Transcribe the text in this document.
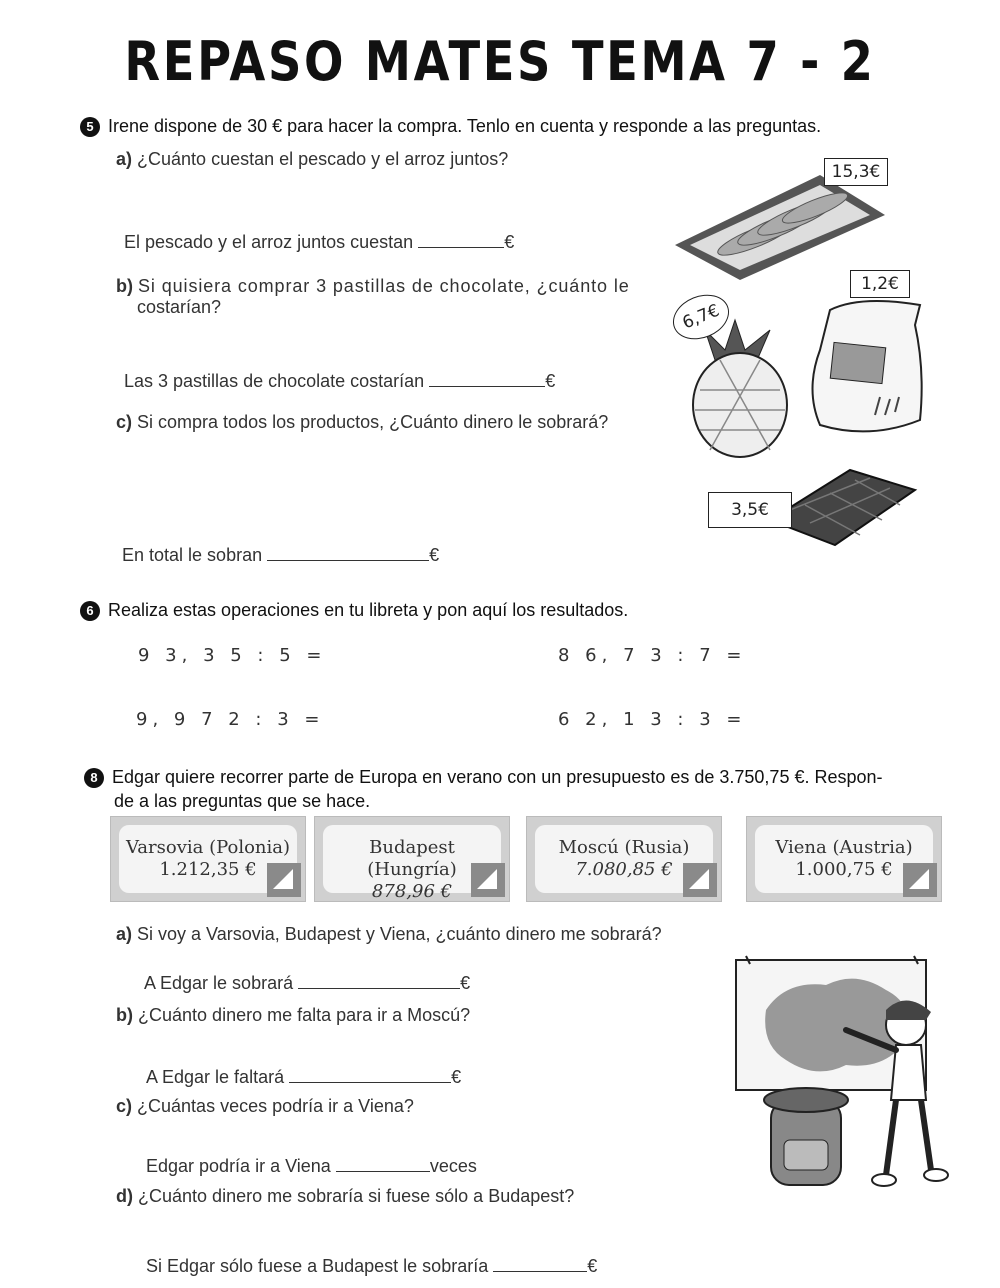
REPASO MATES TEMA 7 - 2
5 Irene dispone de 30 € para hacer la compra. Tenlo en cuenta y responde a las preguntas.
a) ¿Cuánto cuestan el pescado y el arroz juntos?
El pescado y el arroz juntos cuestan	€
b) Si quisiera comprar 3 pastillas de chocolate, ¿cuánto le
costarían?
Las 3 pastillas de chocolate costarían	€
c) Si compra todos los productos, ¿Cuánto dinero le sobrará?
En total le sobran	€
15,3€
1,2€
6,7€
3,5€
6 Realiza estas operaciones en tu libreta y pon aquí los resultados.
9 3, 3 5 : 5 =	8 6, 7 3 : 7 =
9, 9 7 2 : 3 =	6 2, 1 3 : 3 =
8 Edgar quiere recorrer parte de Europa en verano con un presupuesto es de 3.750,75 €. Respon-
de a las preguntas que se hace.
Varsovia (Polonia)
1.212,35 €
Budapest (Hungría)
878,96 €
Moscú (Rusia)
7.080,85 €
Viena (Austria)
1.000,75 €
a) Si voy a Varsovia, Budapest y Viena, ¿cuánto dinero me sobrará?
A Edgar le sobrará	€
b) ¿Cuánto dinero me falta para ir a Moscú?
A Edgar le faltará	€
c) ¿Cuántas veces podría ir a Viena?
Edgar podría ir a Viena	veces
d) ¿Cuánto dinero me sobraría si fuese sólo a Budapest?
Si Edgar sólo fuese a Budapest le sobraría	€
